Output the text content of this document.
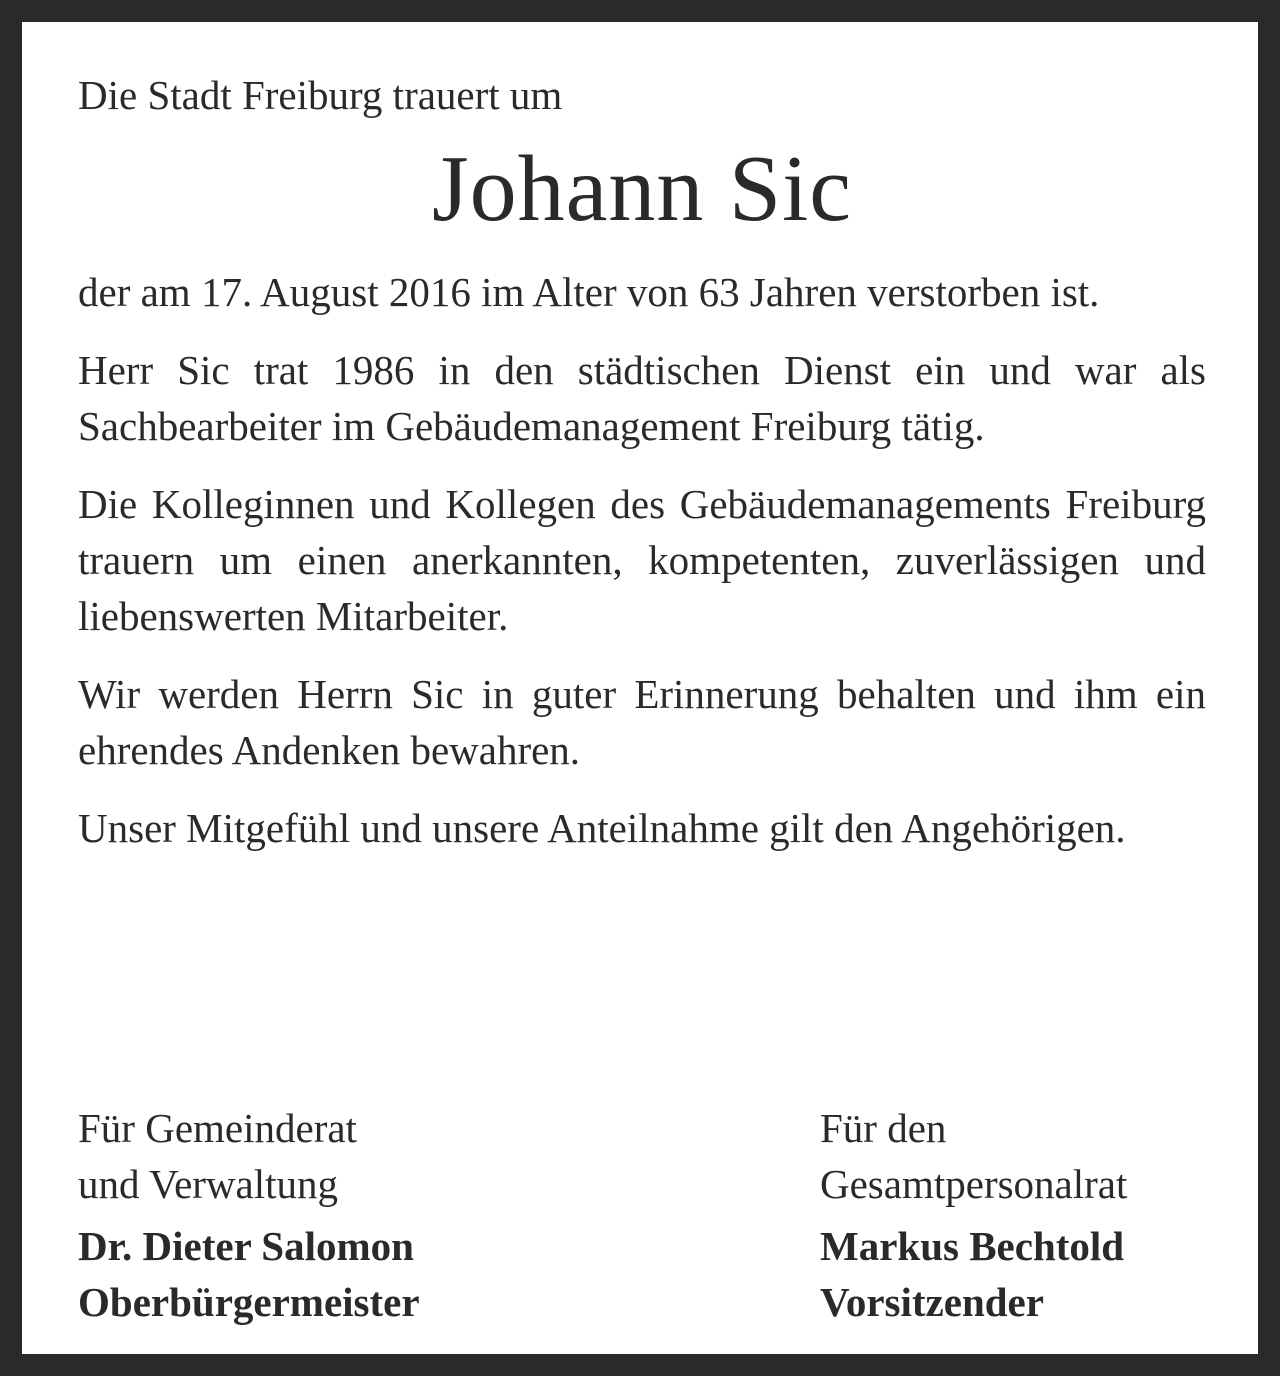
Die Stadt Freiburg trauert um

Johann Sic

der am 17. August 2016 im Alter von 63 Jahren verstorben ist.

Herr Sic trat 1986 in den städtischen Dienst ein und war als Sachbearbeiter im Gebäudemanagement Freiburg tätig.

Die Kolleginnen und Kollegen des Gebäudemanagements Freiburg trauern um einen anerkannten, kompetenten, zuverlässigen und liebenswerten Mitarbeiter.

Wir werden Herrn Sic in guter Erinnerung behalten und ihm ein ehrendes Andenken bewahren.

Unser Mitgefühl und unsere Anteilnahme gilt den Angehörigen.

Für Gemeinderat
und Verwaltung
Dr. Dieter Salomon
Oberbürgermeister
Für den
Gesamtpersonalrat
Markus Bechtold
Vorsitzender
